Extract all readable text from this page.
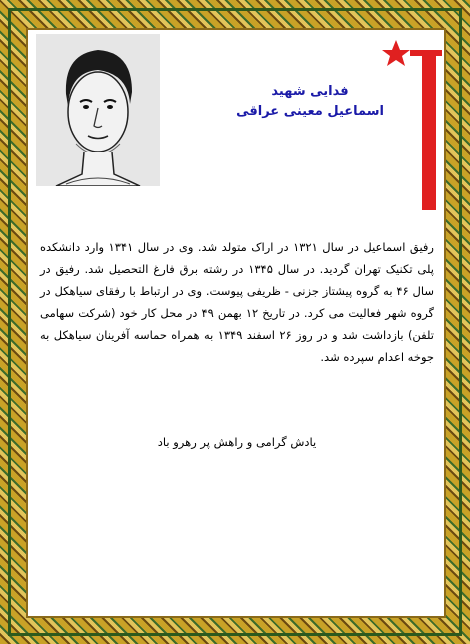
فدایی شهید
اسماعیل معینی عراقی
رفیق اسماعیل در سال ۱۳۲۱ در اراک متولد شد. وی در سال ۱۳۴۱ وارد دانشکده پلی تکنیک تهران گردید. در سال ۱۳۴۵ در رشته برق فارغ التحصیل شد. رفیق در سال ۴۶ به گروه پیشتاز جزنی - ظریفی پیوست. وی در ارتباط با رفقای سیاهکل در گروه شهر فعالیت می کرد. در تاریخ ۱۲ بهمن ۴۹ در محل کار خود (شرکت سهامی تلفن) بازداشت شد و در روز ۲۶ اسفند ۱۳۴۹ به همراه حماسه آفرینان سیاهکل به جوخه اعدام سپرده شد.
یادش گرامی و راهش پر رهرو باد
